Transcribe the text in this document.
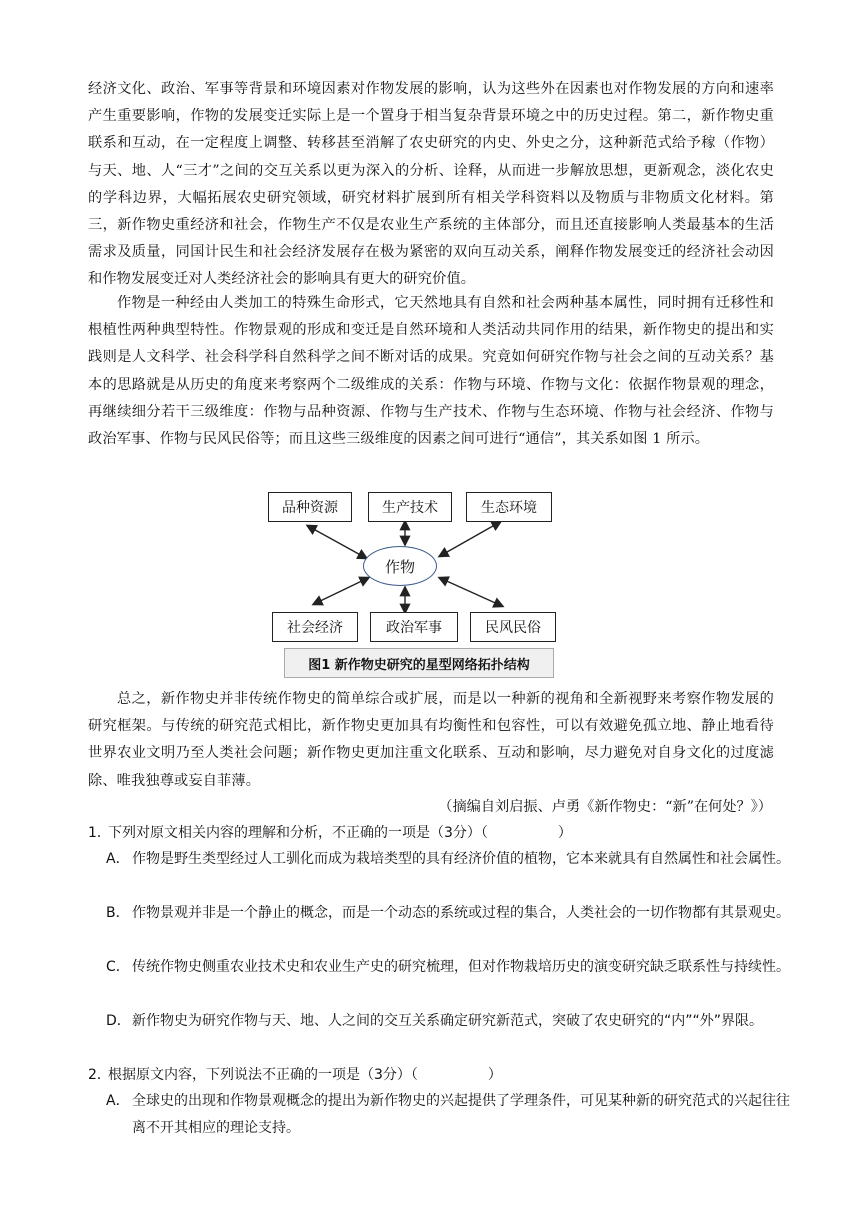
经济文化、政治、军事等背景和环境因素对作物发展的影响，认为这些外在因素也对作物发展的方向和速率产生重要影响，作物的发展变迁实际上是一个置身于相当复杂背景环境之中的历史过程。第二，新作物史重联系和互动，在一定程度上调整、转移甚至消解了农史研究的内史、外史之分，这种新范式给予稼（作物）与天、地、人“三才”之间的交互关系以更为深入的分析、诠释，从而进一步解放思想，更新观念，淡化农史的学科边界，大幅拓展农史研究领域，研究材料扩展到所有相关学科资料以及物质与非物质文化材料。第三，新作物史重经济和社会，作物生产不仅是农业生产系统的主体部分，而且还直接影响人类最基本的生活需求及质量，同国计民生和社会经济发展存在极为紧密的双向互动关系，阐释作物发展变迁的经济社会动因和作物发展变迁对人类经济社会的影响具有更大的研究价值。

作物是一种经由人类加工的特殊生命形式，它天然地具有自然和社会两种基本属性，同时拥有迁移性和根植性两种典型特性。作物景观的形成和变迁是自然环境和人类活动共同作用的结果，新作物史的提出和实践则是人文科学、社会科学科自然科学之间不断对话的成果。究竟如何研究作物与社会之间的互动关系？基本的思路就是从历史的角度来考察两个二级维成的关系：作物与环境、作物与文化：依据作物景观的理念，再继续细分若干三级维度：作物与品种资源、作物与生产技术、作物与生态环境、作物与社会经济、作物与政治军事、作物与民风民俗等；而且这些三级维度的因素之间可进行“通信”，其关系如图 1 所示。

品种资源	生产技术	生态环境
作物
社会经济	政治军事	民风民俗
图1 新作物史研究的星型网络拓扑结构

总之，新作物史并非传统作物史的简单综合或扩展，而是以一种新的视角和全新视野来考察作物发展的研究框架。与传统的研究范式相比，新作物史更加具有均衡性和包容性，可以有效避免孤立地、静止地看待世界农业文明乃至人类社会问题；新作物史更加注重文化联系、互动和影响，尽力避免对自身文化的过度滤除、唯我独尊或妄自菲薄。

（摘编自刘启振、卢勇《新作物史：“新”在何处？》）

1．下列对原文相关内容的理解和分析，不正确的一项是（3分）（	）

A． 作物是野生类型经过人工驯化而成为栽培类型的具有经济价值的植物，它本来就具有自然属性和社会属性。

B． 作物景观并非是一个静止的概念，而是一个动态的系统或过程的集合，人类社会的一切作物都有其景观史。

C． 传统作物史侧重农业技术史和农业生产史的研究梳理，但对作物栽培历史的演变研究缺乏联系性与持续性。

D．新作物史为研究作物与天、地、人之间的交互关系确定研究新范式，突破了农史研究的“内”“外”界限。

2．根据原文内容，下列说法不正确的一项是（3分）（	）

A． 全球史的出现和作物景观概念的提出为新作物史的兴起提供了学理条件，可见某种新的研究范式的兴起往往离不开其相应的理论支持。
